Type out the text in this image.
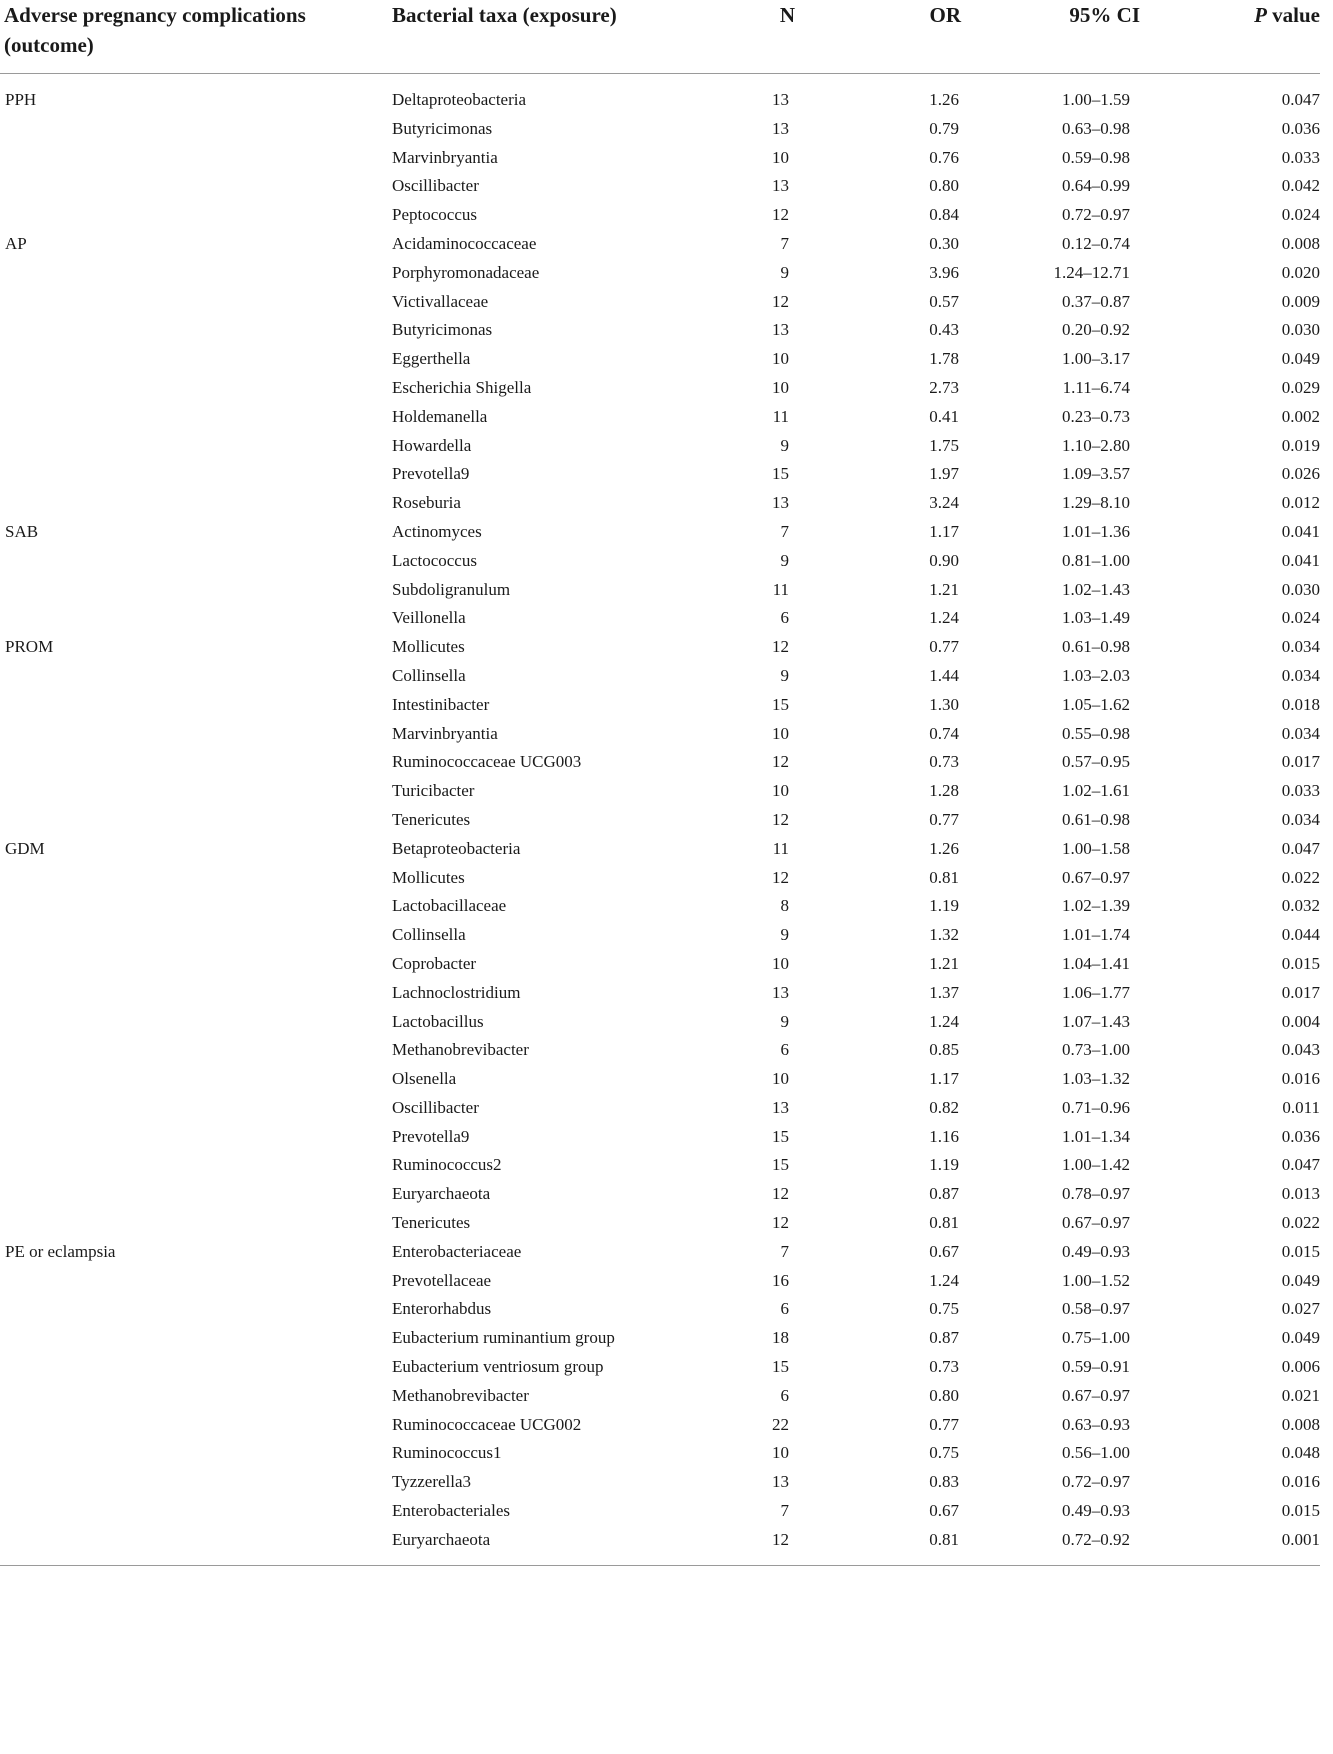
Adverse pregnancy complications (outcome)	Bacterial taxa (exposure)	N	OR	95% CI	P value
PPH	Deltaproteobacteria	13	1.26	1.00–1.59	0.047
	Butyricimonas	13	0.79	0.63–0.98	0.036
	Marvinbryantia	10	0.76	0.59–0.98	0.033
	Oscillibacter	13	0.80	0.64–0.99	0.042
	Peptococcus	12	0.84	0.72–0.97	0.024
AP	Acidaminococcaceae	7	0.30	0.12–0.74	0.008
	Porphyromonadaceae	9	3.96	1.24–12.71	0.020
	Victivallaceae	12	0.57	0.37–0.87	0.009
	Butyricimonas	13	0.43	0.20–0.92	0.030
	Eggerthella	10	1.78	1.00–3.17	0.049
	Escherichia Shigella	10	2.73	1.11–6.74	0.029
	Holdemanella	11	0.41	0.23–0.73	0.002
	Howardella	9	1.75	1.10–2.80	0.019
	Prevotella9	15	1.97	1.09–3.57	0.026
	Roseburia	13	3.24	1.29–8.10	0.012
SAB	Actinomyces	7	1.17	1.01–1.36	0.041
	Lactococcus	9	0.90	0.81–1.00	0.041
	Subdoligranulum	11	1.21	1.02–1.43	0.030
	Veillonella	6	1.24	1.03–1.49	0.024
PROM	Mollicutes	12	0.77	0.61–0.98	0.034
	Collinsella	9	1.44	1.03–2.03	0.034
	Intestinibacter	15	1.30	1.05–1.62	0.018
	Marvinbryantia	10	0.74	0.55–0.98	0.034
	Ruminococcaceae UCG003	12	0.73	0.57–0.95	0.017
	Turicibacter	10	1.28	1.02–1.61	0.033
	Tenericutes	12	0.77	0.61–0.98	0.034
GDM	Betaproteobacteria	11	1.26	1.00–1.58	0.047
	Mollicutes	12	0.81	0.67–0.97	0.022
	Lactobacillaceae	8	1.19	1.02–1.39	0.032
	Collinsella	9	1.32	1.01–1.74	0.044
	Coprobacter	10	1.21	1.04–1.41	0.015
	Lachnoclostridium	13	1.37	1.06–1.77	0.017
	Lactobacillus	9	1.24	1.07–1.43	0.004
	Methanobrevibacter	6	0.85	0.73–1.00	0.043
	Olsenella	10	1.17	1.03–1.32	0.016
	Oscillibacter	13	0.82	0.71–0.96	0.011
	Prevotella9	15	1.16	1.01–1.34	0.036
	Ruminococcus2	15	1.19	1.00–1.42	0.047
	Euryarchaeota	12	0.87	0.78–0.97	0.013
	Tenericutes	12	0.81	0.67–0.97	0.022
PE or eclampsia	Enterobacteriaceae	7	0.67	0.49–0.93	0.015
	Prevotellaceae	16	1.24	1.00–1.52	0.049
	Enterorhabdus	6	0.75	0.58–0.97	0.027
	Eubacterium ruminantium group	18	0.87	0.75–1.00	0.049
	Eubacterium ventriosum group	15	0.73	0.59–0.91	0.006
	Methanobrevibacter	6	0.80	0.67–0.97	0.021
	Ruminococcaceae UCG002	22	0.77	0.63–0.93	0.008
	Ruminococcus1	10	0.75	0.56–1.00	0.048
	Tyzzerella3	13	0.83	0.72–0.97	0.016
	Enterobacteriales	7	0.67	0.49–0.93	0.015
	Euryarchaeota	12	0.81	0.72–0.92	0.001
